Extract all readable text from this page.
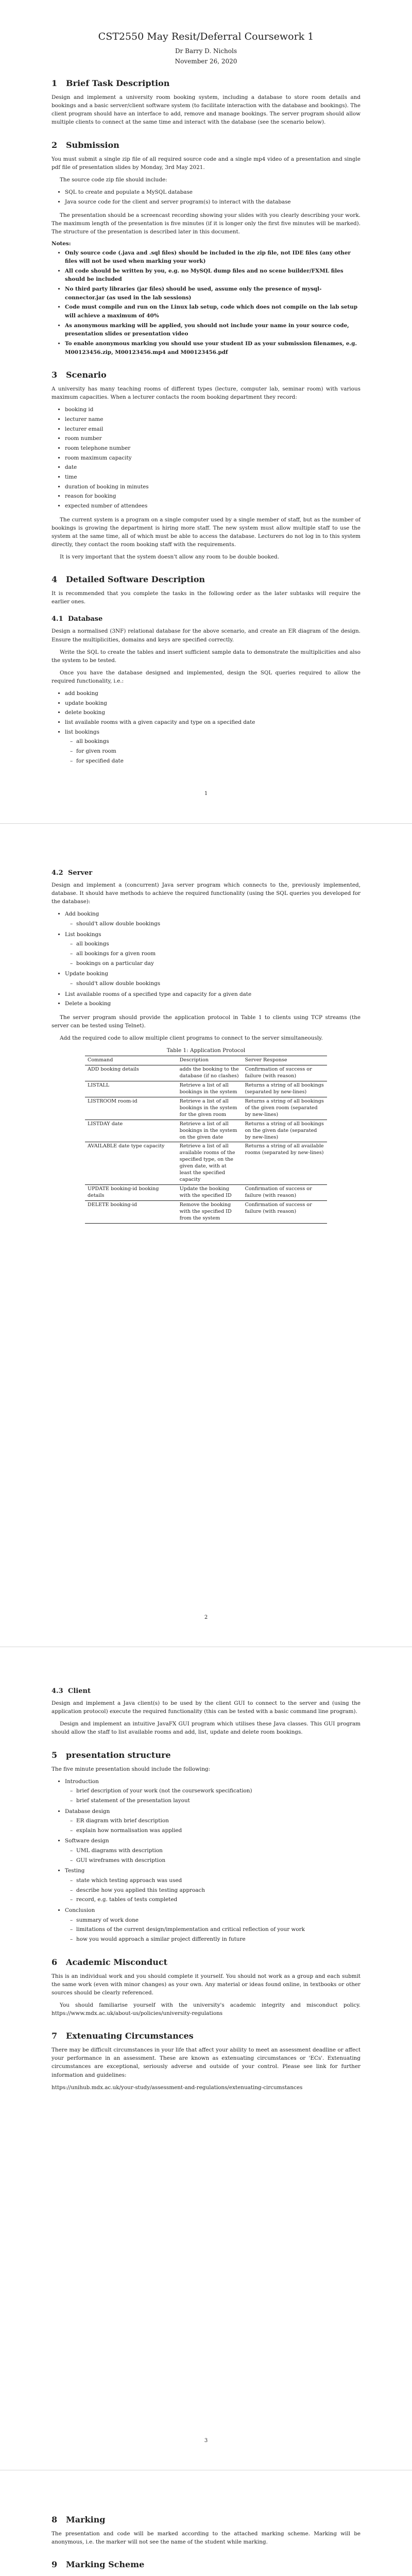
CST2550 May Resit/Deferral Coursework 1
Dr Barry D. Nichols
November 26, 2020
1 Brief Task Description

Design and implement a university room booking system, including a database to store room details and bookings and a basic server/client software system (to facilitate interaction with the database and bookings). The client program should have an interface to add, remove and manage bookings. The server program should allow multiple clients to connect at the same time and interact with the database (see the scenario below).

2 Submission

You must submit a single zip file of all required source code and a single mp4 video of a presentation and single pdf file of presentation slides by Monday, 3rd May 2021.

The source code zip file should include:

• SQL to create and populate a MySQL database
• Java source code for the client and server program(s) to interact with the database

The presentation should be a screencast recording showing your slides with you clearly describing your work. The maximum length of the presentation is five minutes (if it is longer only the first five minutes will be marked). The structure of the presentation is described later in this document.

Notes:
• Only source code (.java and .sql files) should be included in the zip file, not IDE files (any other files will not be used when marking your work)
• All code should be written by you, e.g. no MySQL dump files and no scene builder/FXML files should be included
• No third party libraries (jar files) should be used, assume only the presence of mysql-connector.jar (as used in the lab sessions)
• Code must compile and run on the Linux lab setup, code which does not compile on the lab setup will achieve a maximum of 40%
• As anonymous marking will be applied, you should not include your name in your source code, presentation slides or presentation video
• To enable anonymous marking you should use your student ID as your submission filenames, e.g. M00123456.zip, M00123456.mp4 and M00123456.pdf
3 Scenario

A university has many teaching rooms of different types (lecture, computer lab, seminar room) with various maximum capacities. When a lecturer contacts the room booking department they record:

• booking id
• lecturer name
• lecturer email
• room number
• room telephone number
• room maximum capacity
• date
• time
• duration of booking in minutes
• reason for booking
• expected number of attendees

The current system is a program on a single computer used by a single member of staff, but as the number of bookings is growing the department is hiring more staff. The new system must allow multiple staff to use the system at the same time, all of which must be able to access the database. Lecturers do not log in to this system directly, they contact the room booking staff with the requirements.

It is very important that the system doesn't allow any room to be double booked.

4 Detailed Software Description

It is recommended that you complete the tasks in the following order as the later subtasks will require the earlier ones.

4.1 Database

Design a normalised (3NF) relational database for the above scenario, and create an ER diagram of the design. Ensure the multiplicities, domains and keys are specified correctly.

Write the SQL to create the tables and insert sufficient sample data to demonstrate the multiplicities and also the system to be tested.

Once you have the database designed and implemented, design the SQL queries required to allow the required functionality, i.e.:

• add booking
• update booking
• delete booking
• list available rooms with a given capacity and type on a specified date
• list bookings
– all bookings
– for given room
– for specified date
1
4.2 Server

Design and implement a (concurrent) Java server program which connects to the, previously implemented, database. It should have methods to achieve the required functionality (using the SQL queries you developed for the database):

• Add booking
– should't allow double bookings
• List bookings
– all bookings
– all bookings for a given room
– bookings on a particular day
• Update booking
– should't allow double bookings
• List available rooms of a specified type and capacity for a given date
• Delete a booking

The server program should provide the application protocol in Table 1 to clients using TCP streams (the server can be tested using Telnet).

Add the required code to allow multiple client programs to connect to the server simultaneously.

Table 1: Application Protocol
Command	Description	Server Response
ADD booking details	adds the booking to the database (if no clashes)	Confirmation of success or failure (with reason)
LISTALL	Retrieve a list of all bookings in the system	Returns a string of all bookings (separated by new-lines)
LISTROOM room-id	Retrieve a list of all bookings in the system for the given room	Returns a string of all bookings of the given room (separated by new-lines)
LISTDAY date	Retrieve a list of all bookings in the system on the given date	Returns a string of all bookings on the given date (separated by new-lines)
AVAILABLE date type capacity	Retrieve a list of all available rooms of the specified type, on the given date, with at least the specified capacity	Returns a string of all available rooms (separated by new-lines)
UPDATE booking-id booking details	Update the booking with the specified ID	Confirmation of success or failure (with reason)
DELETE booking-id	Remove the booking with the specified ID from the system	Confirmation of success or failure (with reason)
2
4.3 Client

Design and implement a Java client(s) to be used by the client GUI to connect to the server and (using the application protocol) execute the required functionality (this can be tested with a basic command line program).

Design and implement an intuitive JavaFX GUI program which utilises these Java classes. This GUI program should allow the staff to list available rooms and add, list, update and delete room bookings.

5 presentation structure

The five minute presentation should include the following:

• Introduction
– brief description of your work (not the coursework specification)
– brief statement of the presentation layout
• Database design
– ER diagram with brief description
– explain how normalisation was applied
• Software design
– UML diagrams with description
– GUI wireframes with description
• Testing
– state which testing approach was used
– describe how you applied this testing approach
– record, e.g. tables of tests completed
• Conclusion
– summary of work done
– limitations of the current design/implementation and critical reflection of your work
– how you would approach a similar project differently in future
6 Academic Misconduct

This is an individual work and you should complete it yourself. You should not work as a group and each submit the same work (even with minor changes) as your own. Any material or ideas found online, in textbooks or other sources should be clearly referenced.

You should familiarise yourself with the university's academic integrity and misconduct policy. https://www.mdx.ac.uk/about-us/policies/university-regulations

7 Extenuating Circumstances

There may be difficult circumstances in your life that affect your ability to meet an assessment deadline or affect your performance in an assessment. These are known as extenuating circumstances or 'ECs'. Extenuating circumstances are exceptional, seriously adverse and outside of your control. Please see link for further information and guidelines:

https://unihub.mdx.ac.uk/your-study/assessment-and-regulations/extenuating-circumstances

3
8 Marking

The presentation and code will be marked according to the attached marking scheme. Marking will be anonymous, i.e. the marker will not see the name of the student while marking.

9 Marking Scheme
